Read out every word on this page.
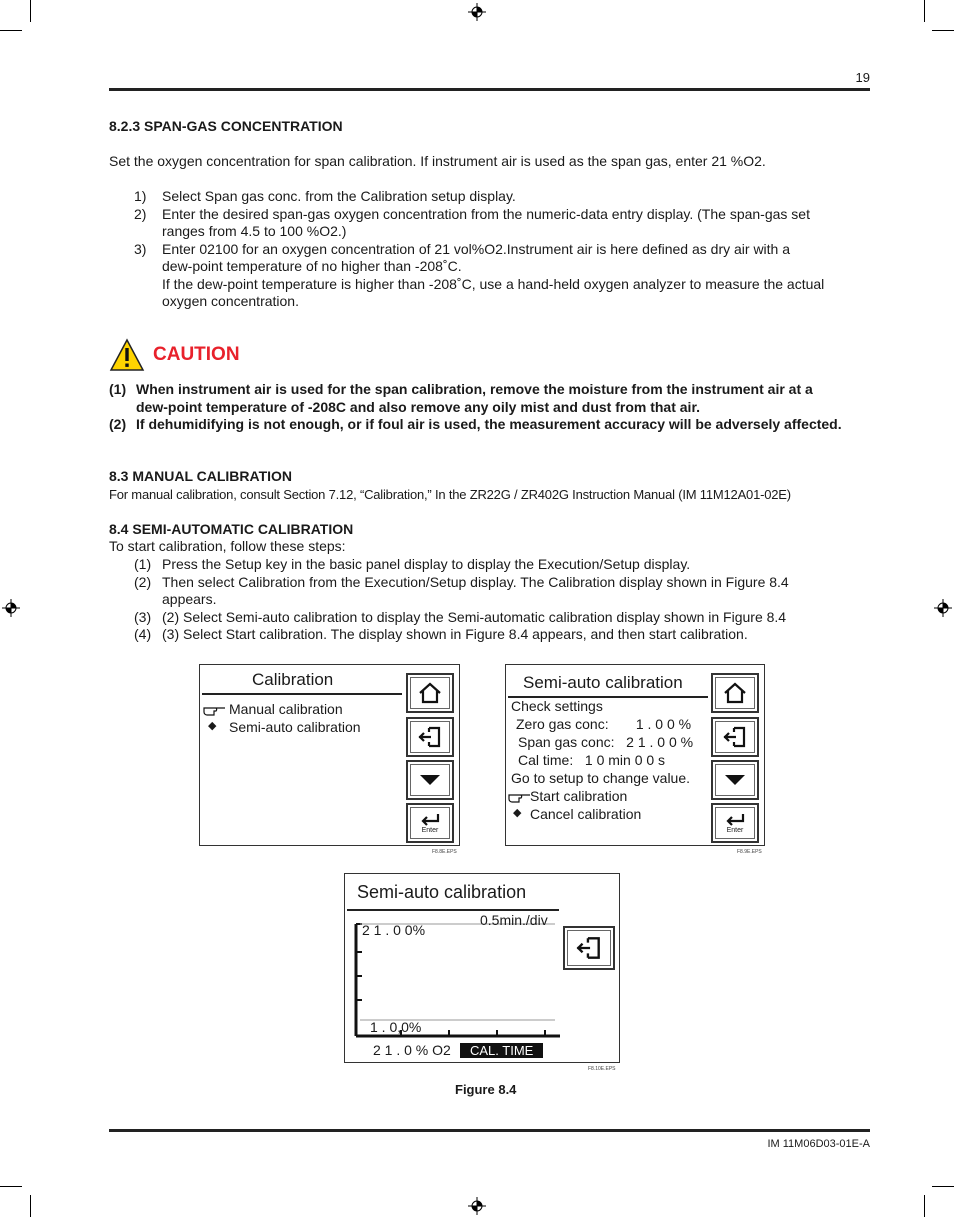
19
8.2.3 SPAN-GAS CONCENTRATION
Set the oxygen concentration for span calibration. If instrument air is used as the span gas, enter 21 %O2.
1)	Select Span gas conc. from the Calibration setup display.
2)	Enter the desired span-gas oxygen concentration from the numeric-data entry display. (The span-gas set
ranges from 4.5 to 100 %O2.)
3)	Enter 02100 for an oxygen concentration of 21 vol%O2.Instrument air is here defined as dry air with a
dew-point temperature of no higher than -208˚C.
If the dew-point temperature is higher than -208˚C, use a hand-held oxygen analyzer to measure the actual
oxygen concentration.
CAUTION
(1) When instrument air is used for the span calibration, remove the moisture from the instrument air at a
dew-point temperature of -208C and also remove any oily mist and dust from that air.
(2) If dehumidifying is not enough, or if foul air is used, the measurement accuracy will be adversely affected.
8.3 MANUAL CALIBRATION
For manual calibration, consult Section 7.12, “Calibration,” In the ZR22G / ZR402G Instruction Manual (IM 11M12A01-02E)
8.4 SEMI-AUTOMATIC CALIBRATION
To start calibration, follow these steps:
(1) Press the Setup key in the basic panel display to display the Execution/Setup display.
(2) Then select Calibration from the Execution/Setup display. The Calibration display shown in Figure 8.4
appears.
(3) (2) Select Semi-auto calibration to display the Semi-automatic calibration display shown in Figure 8.4
(4) (3) Select Start calibration. The display shown in Figure 8.4 appears, and then start calibration.
Calibration
Manual calibration
◆ Semi-auto calibration
Enter
F8.8E.EPS
Semi-auto calibration
Check settings
Zero gas conc:       1 . 0 0 %
Span gas conc:   2 1 . 0 0 %
Cal time:   1 0 min 0 0 s
Go to setup to change value.
Start calibration
◆ Cancel calibration
Enter
F8.9E.EPS
Semi-auto calibration
2 1 . 0 0%
0.5min./div
1 . 0,0%
2 1 . 0 % O2	CAL. TIME
F8.10E.EPS
Figure 8.4
IM 11M06D03-01E-A
